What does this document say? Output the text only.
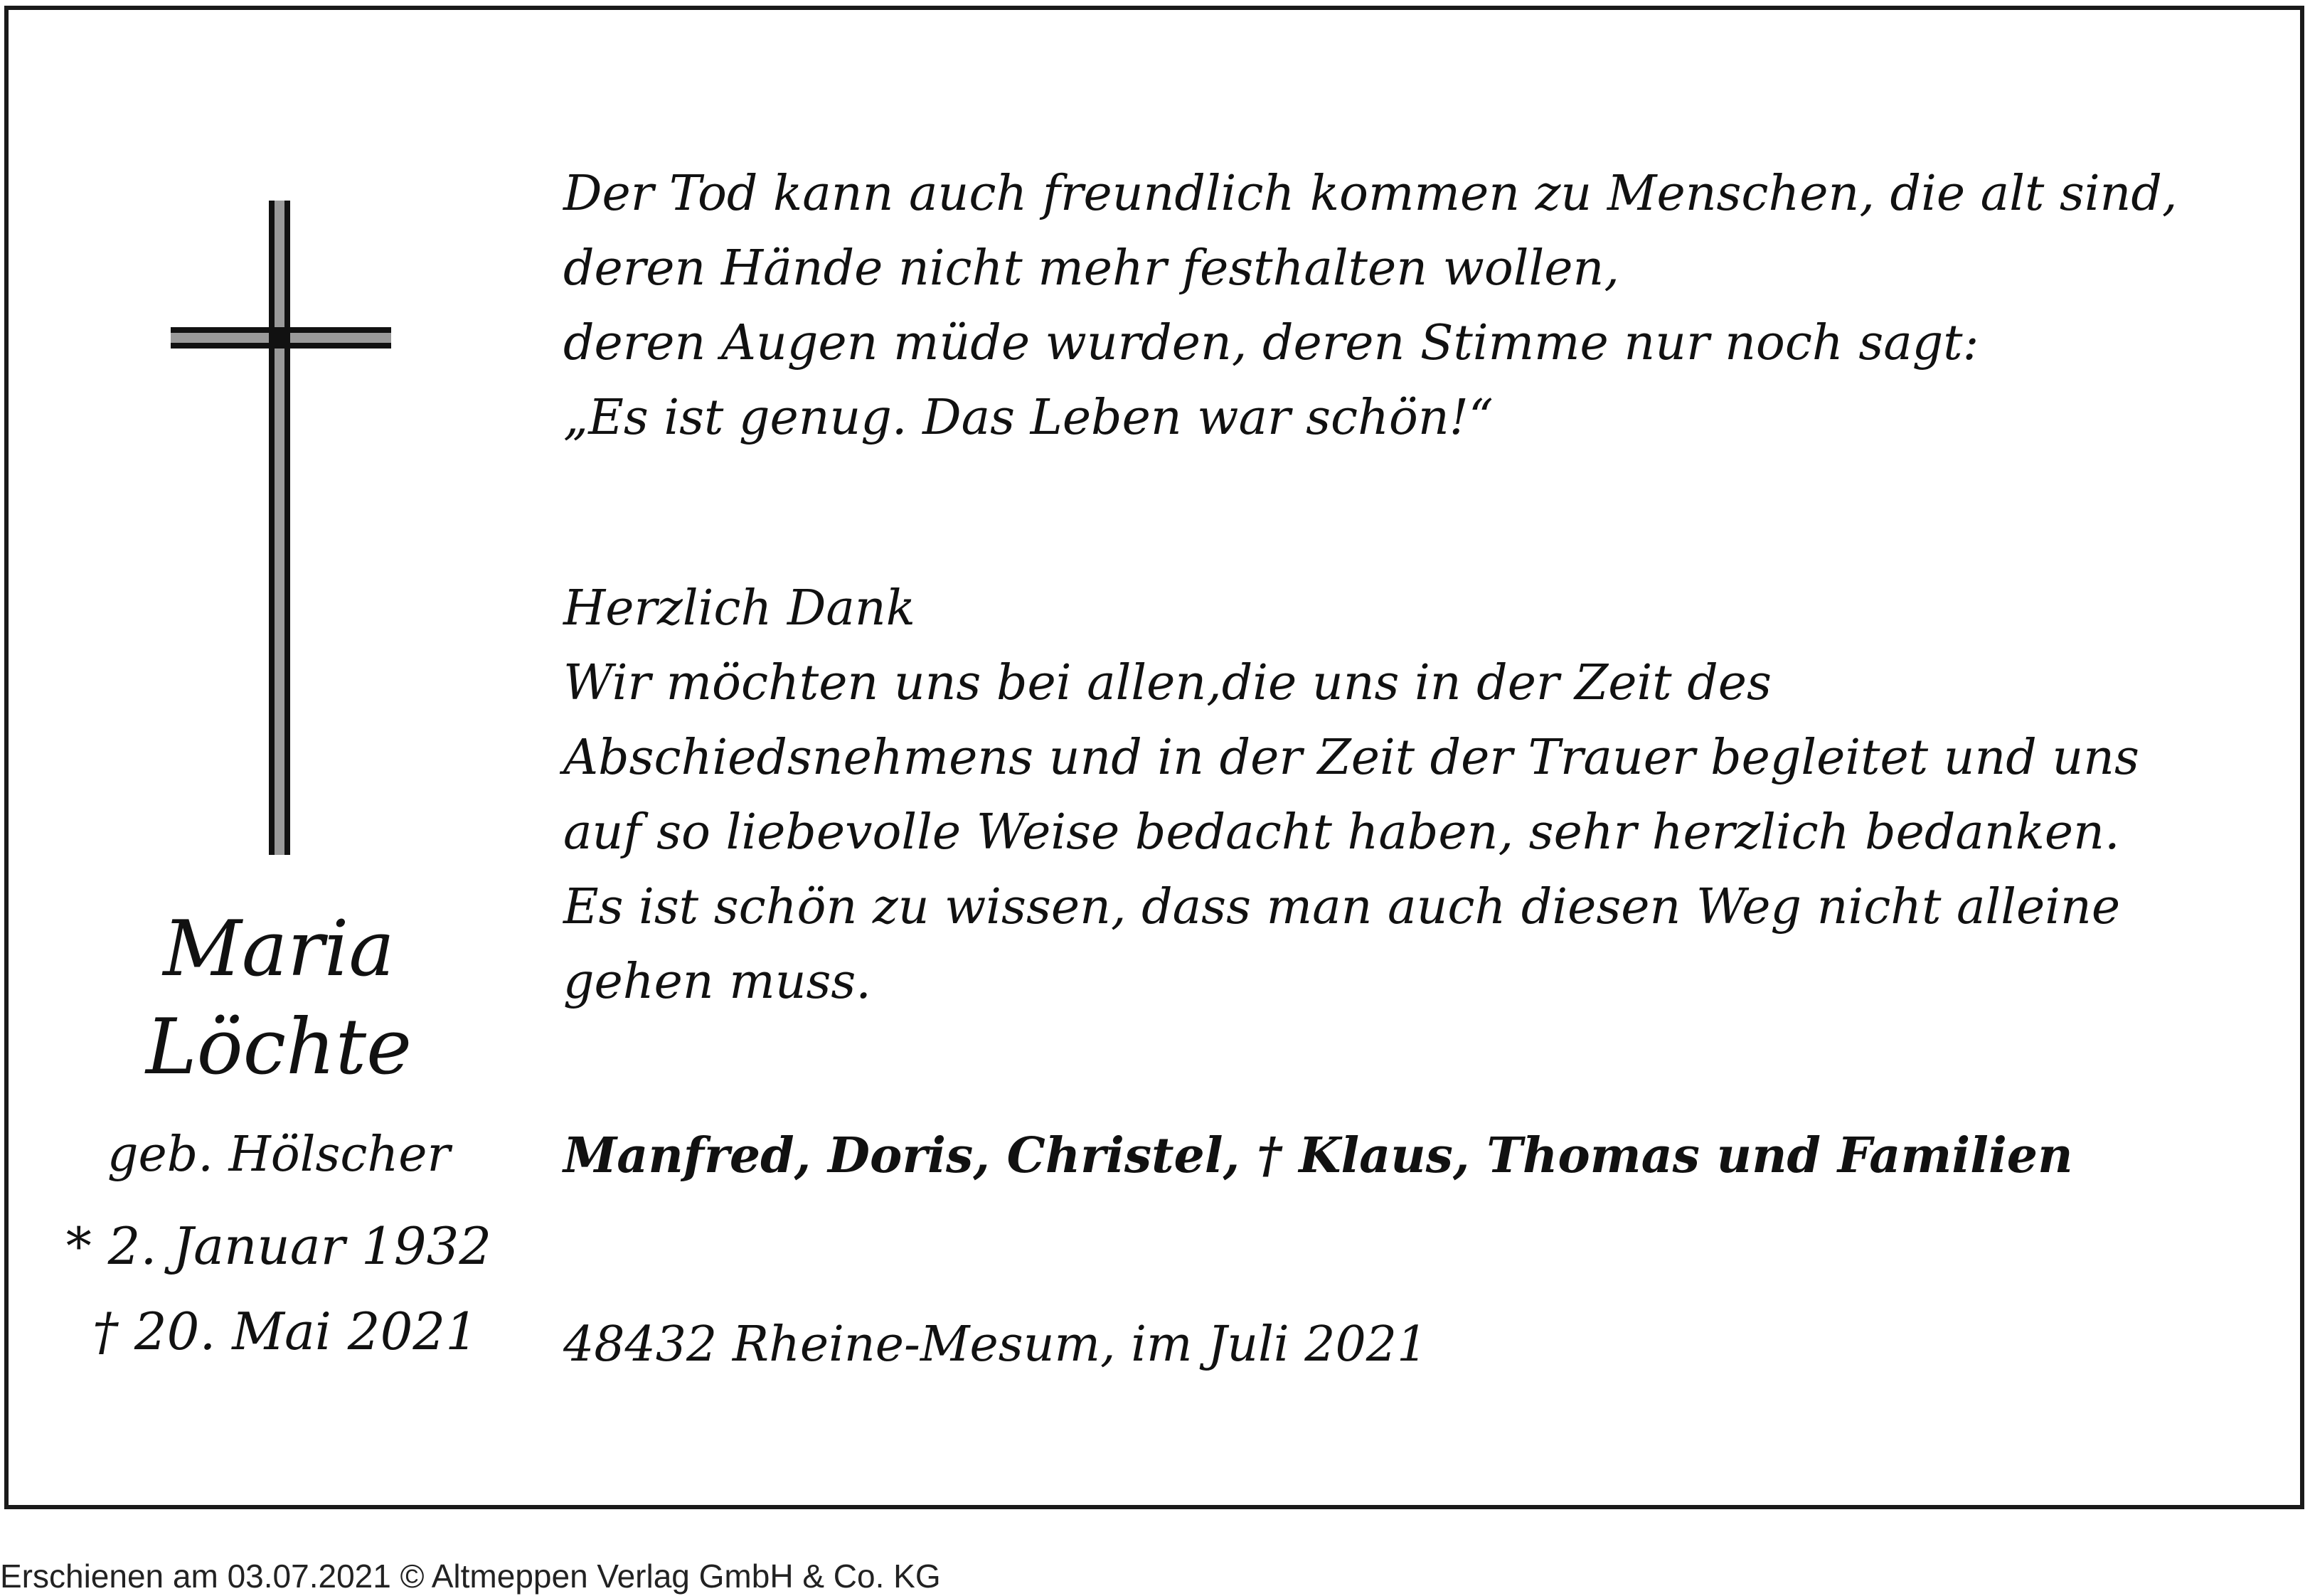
Maria
Löchte
geb. Hölscher
* 2. Januar 1932
† 20. Mai 2021
Der Tod kann auch freundlich kommen zu Menschen, die alt sind,
deren Hände nicht mehr festhalten wollen,
deren Augen müde wurden, deren Stimme nur noch sagt:
„Es ist genug. Das Leben war schön!“
Herzlich Dank
Wir möchten uns bei allen,die uns in der Zeit des
Abschiedsnehmens und in der Zeit der Trauer begleitet und uns
auf so liebevolle Weise bedacht haben, sehr herzlich bedanken.
Es ist schön zu wissen, dass man auch diesen Weg nicht alleine
gehen muss.
Manfred, Doris, Christel, † Klaus, Thomas und Familien
48432 Rheine-Mesum, im Juli 2021
Erschienen am 03.07.2021 © Altmeppen Verlag GmbH & Co. KG
